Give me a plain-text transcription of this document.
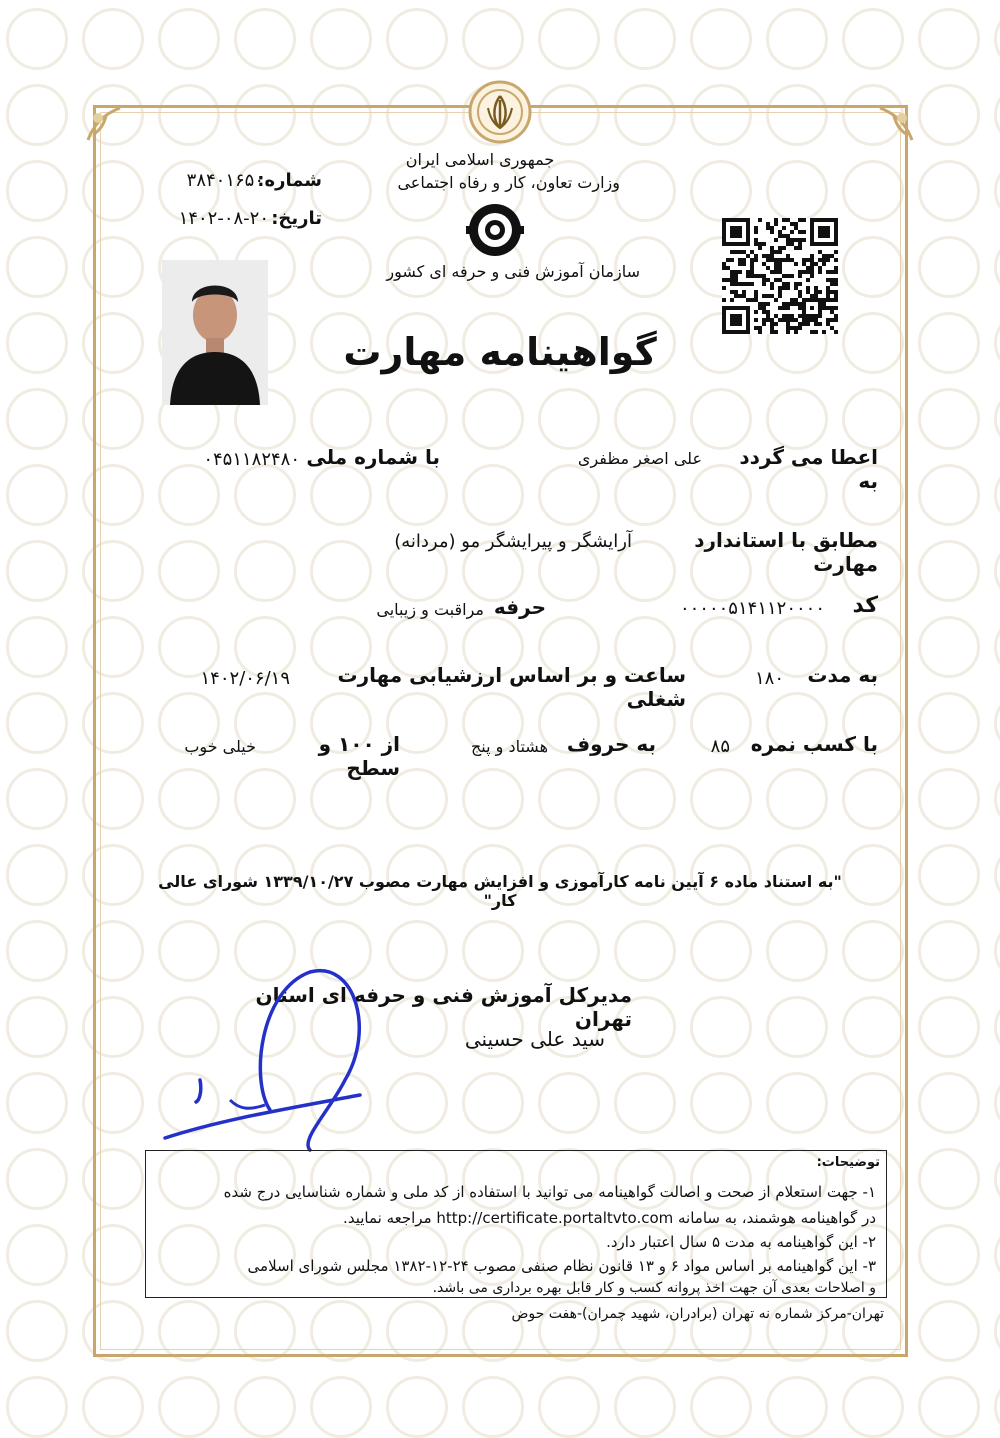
جمهوری اسلامی ایران
وزارت تعاون، کار و رفاه اجتماعی
سازمان آموزش فنی و حرفه ای کشور
شماره:
۳۸۴۰۱۶۵۰
تاریخ:
۱۴۰۲-۰۸-۲۰
گواهینامه مهارت
اعطا می گردد به
علی اصغر مظفری
با شماره ملی
۰۴۵۱۱۸۲۴۸۰
مطابق با استاندارد مهارت
آرایشگر و پیرایشگر مو (مردانه)
کد
۰۰۰۰۰۵۱۴۱۱۲۰۰۰۰
حرفه
مراقبت و زیبایی
به مدت
۱۸۰
ساعت و بر اساس ارزشیابی مهارت شغلی
۱۴۰۲/۰۶/۱۹
با کسب نمره
۸۵
به حروف
هشتاد و پنج
از ۱۰۰ و سطح
خیلی خوب
"به استناد ماده ۶ آیین نامه کارآموزی و افزایش مهارت مصوب ۱۳۳۹/۱۰/۲۷ شورای عالی کار"
مدیرکل آموزش فنی و حرفه ای استان تهران
سید علی حسینی
توضیحات:
۱- جهت استعلام از صحت و اصالت گواهینامه می توانید با استفاده از کد ملی و شماره شناسایی درج شده
در گواهینامه هوشمند، به سامانه http://certificate.portaltvto.com مراجعه نمایید.
۲- این گواهینامه به مدت ۵ سال اعتبار دارد.
۳- این گواهینامه بر اساس مواد ۶ و ۱۳ قانون نظام صنفی مصوب ۲۴-۱۲-۱۳۸۲ مجلس شورای اسلامی
و اصلاحات بعدی آن جهت اخذ پروانه کسب و کار قابل بهره برداری می باشد.
تهران-مرکز شماره نه تهران (برادران، شهید چمران)-هفت حوض
